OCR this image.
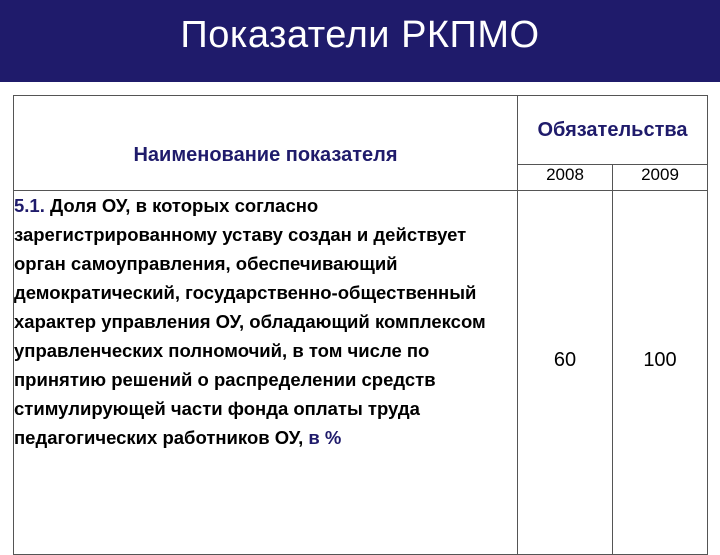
Показатели РКПМО
Наименование показателя	Обязательства	
	2008	2009
5.1. Доля ОУ, в которых согласно зарегистрированному уставу создан и действует орган самоуправления, обеспечивающий демократический, государственно-общественный характер управления ОУ, обладающий комплексом управленческих полномочий, в том числе по принятию решений о распределении средств стимулирующей части фонда оплаты труда педагогических работников ОУ, в %	60	100
